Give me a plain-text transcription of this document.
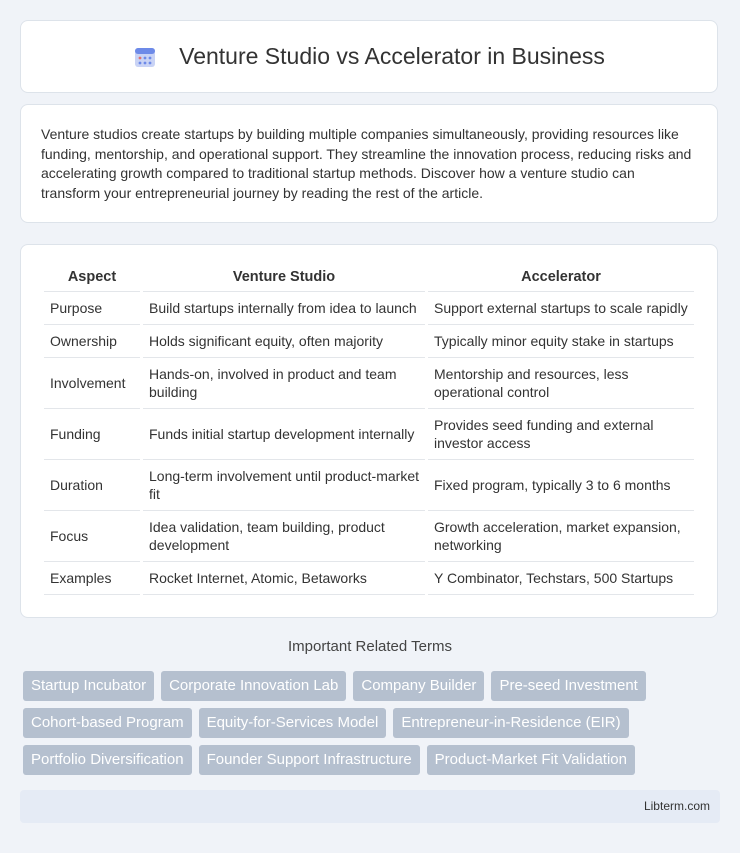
Venture Studio vs Accelerator in Business

Venture studios create startups by building multiple companies simultaneously, providing resources like funding, mentorship, and operational support. They streamline the innovation process, reducing risks and accelerating growth compared to traditional startup methods. Discover how a venture studio can transform your entrepreneurial journey by reading the rest of the article.

Aspect	Venture Studio	Accelerator
Purpose	Build startups internally from idea to launch	Support external startups to scale rapidly
Ownership	Holds significant equity, often majority	Typically minor equity stake in startups
Involvement	Hands-on, involved in product and team building	Mentorship and resources, less operational control
Funding	Funds initial startup development internally	Provides seed funding and external investor access
Duration	Long-term involvement until product-market fit	Fixed program, typically 3 to 6 months
Focus	Idea validation, team building, product development	Growth acceleration, market expansion, networking
Examples	Rocket Internet, Atomic, Betaworks	Y Combinator, Techstars, 500 Startups
Important Related Terms
Startup Incubator	Corporate Innovation Lab	Company Builder	Pre-seed Investment
Cohort-based Program	Equity-for-Services Model	Entrepreneur-in-Residence (EIR)
Portfolio Diversification	Founder Support Infrastructure	Product-Market Fit Validation
Libterm.com
